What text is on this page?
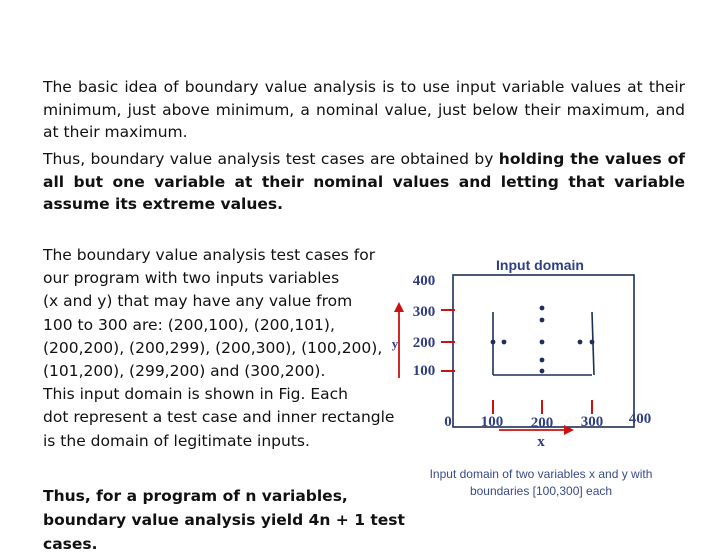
The basic idea of boundary value analysis is to use input variable values at their minimum, just above minimum, a nominal value, just below their maximum, and at their maximum.
Thus, boundary value analysis test cases are obtained by holding the values of all but one variable at their nominal values and letting that variable assume its extreme values.
The boundary value analysis test cases for
our program with two inputs variables
(x and y) that may have any value from
100 to 300 are: (200,100), (200,101),
(200,200), (200,299), (200,300), (100,200),
(101,200), (299,200) and (300,200).
This input domain is shown in Fig. Each
dot represent a test case and inner rectangle
is the domain of legitimate inputs.
Thus, for a program of n variables,
boundary value analysis yield 4n + 1 test cases.
Input domain
400
300
200
100
y
0 100 200 300 400
x
Input domain of two variables x and y with
boundaries [100,300] each
